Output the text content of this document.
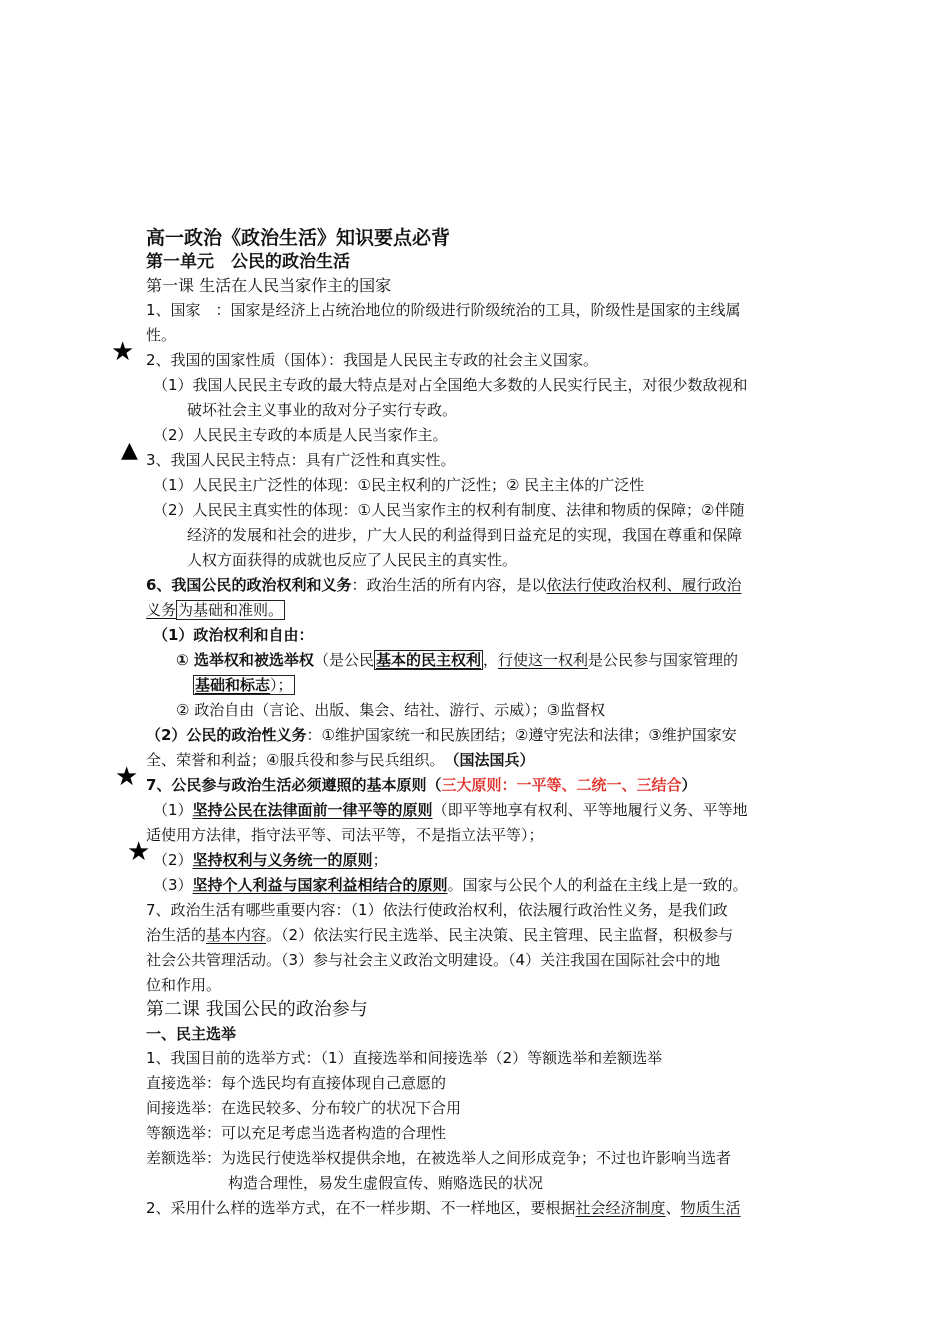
高一政治《政治生活》知识要点必背
第一单元　公民的政治生活
第一课 生活在人民当家作主的国家
1、国家　：国家是经济上占统治地位的阶级进行阶级统治的工具，阶级性是国家的主线属
性。
★ 2、我国的国家性质（国体）：我国是人民民主专政的社会主义国家。
（1）我国人民民主专政的最大特点是对占全国绝大多数的人民实行民主，对很少数敌视和
破坏社会主义事业的敌对分子实行专政。
（2）人民民主专政的本质是人民当家作主。
▲ 3、我国人民民主特点：具有广泛性和真实性。
（1）人民民主广泛性的体现：①民主权利的广泛性；② 民主主体的广泛性
（2）人民民主真实性的体现：①人民当家作主的权利有制度、法律和物质的保障；②伴随
经济的发展和社会的进步，广大人民的利益得到日益充足的实现，我国在尊重和保障
人权方面获得的成就也反应了人民民主的真实性。
6、我国公民的政治权利和义务：政治生活的所有内容，是以依法行使政治权利、履行政治
义务 为基础和准则。
（1）政治权利和自由：
① 选举权和被选举权（是公民 基本的民主权利 ，行使这一权利是公民参与国家管理的
基础和标志）；
② 政治自由（言论、出版、集会、结社、游行、示威）；③监督权
（2）公民的政治性义务：①维护国家统一和民族团结；②遵守宪法和法律；③维护国家安
全、荣誉和利益；④服兵役和参与民兵组织。　（国法国兵）
★ 7、公民参与政治生活必须遵照的基本原则（三大原则：一平等、二统一、三结合）
（1）坚持公民在法律面前一律平等的原则（即平等地享有权利、平等地履行义务、平等地
适使用方法律，指守法平等、司法平等，不是指立法平等）；
★ （2）坚持权利与义务统一的原则；
（3）坚持个人利益与国家利益相结合的原则。国家与公民个人的利益在主线上是一致的。
7、政治生活有哪些重要内容：（1）依法行使政治权利，依法履行政治性义务，是我们政
治生活的基本内容。（2）依法实行民主选举、民主决策、民主管理、民主监督，积极参与
社会公共管理活动。（3）参与社会主义政治文明建设。（4）关注我国在国际社会中的地
位和作用。
第二课 我国公民的政治参与
一、民主选举
1、我国目前的选举方式：（1）直接选举和间接选举（2）等额选举和差额选举
直接选举：每个选民均有直接体现自己意愿的
间接选举：在选民较多、分布较广的状况下合用
等额选举：可以充足考虑当选者构造的合理性
差额选举：为选民行使选举权提供余地，在被选举人之间形成竞争；不过也许影响当选者
构造合理性，易发生虚假宣传、贿赂选民的状况
2、采用什么样的选举方式，在不一样步期、不一样地区，要根据社会经济制度、物质生活
